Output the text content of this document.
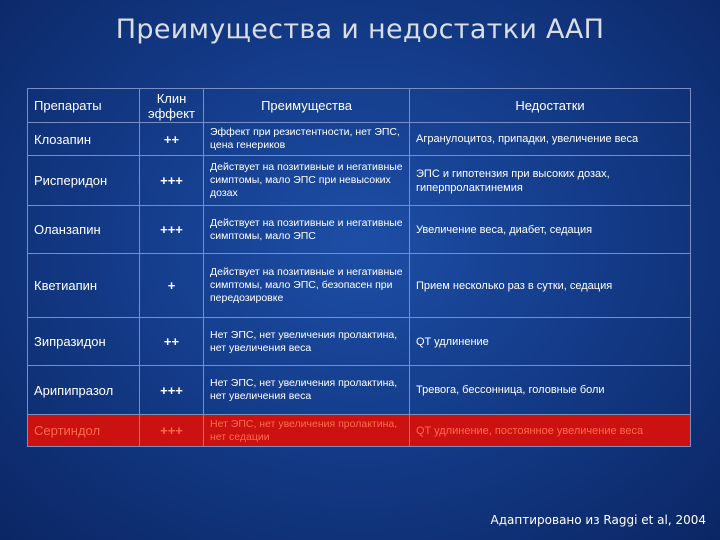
Преимущества и недостатки ААП
Препараты	Клин эффект	Преимущества	Недостатки
Клозапин	++	Эффект при резистентности, нет ЭПС, цена генериков	Агранулоцитоз, припадки, увеличение веса
Рисперидон	+++	Действует на позитивные и негативные симптомы, мало ЭПС при невысоких дозах	ЭПС и гипотензия при высоких дозах, гиперпролактинемия
Оланзапин	+++	Действует на позитивные и негативные симптомы, мало ЭПС	Увеличение веса, диабет, седация
Кветиапин	+	Действует на позитивные и негативные симптомы, мало ЭПС, безопасен при передозировке	Прием несколько раз в сутки, седация
Зипразидон	++	Нет ЭПС, нет увеличения пролактина, нет увеличения веса	QT удлинение
Арипипразол	+++	Нет ЭПС, нет увеличения пролактина, нет увеличения веса	Тревога, бессонница, головные боли
Сертиндол	+++	Нет ЭПС, нет увеличения пролактина, нет седации	QT удлинение, постоянное увеличение веса
Адаптировано из Raggi et al, 2004
